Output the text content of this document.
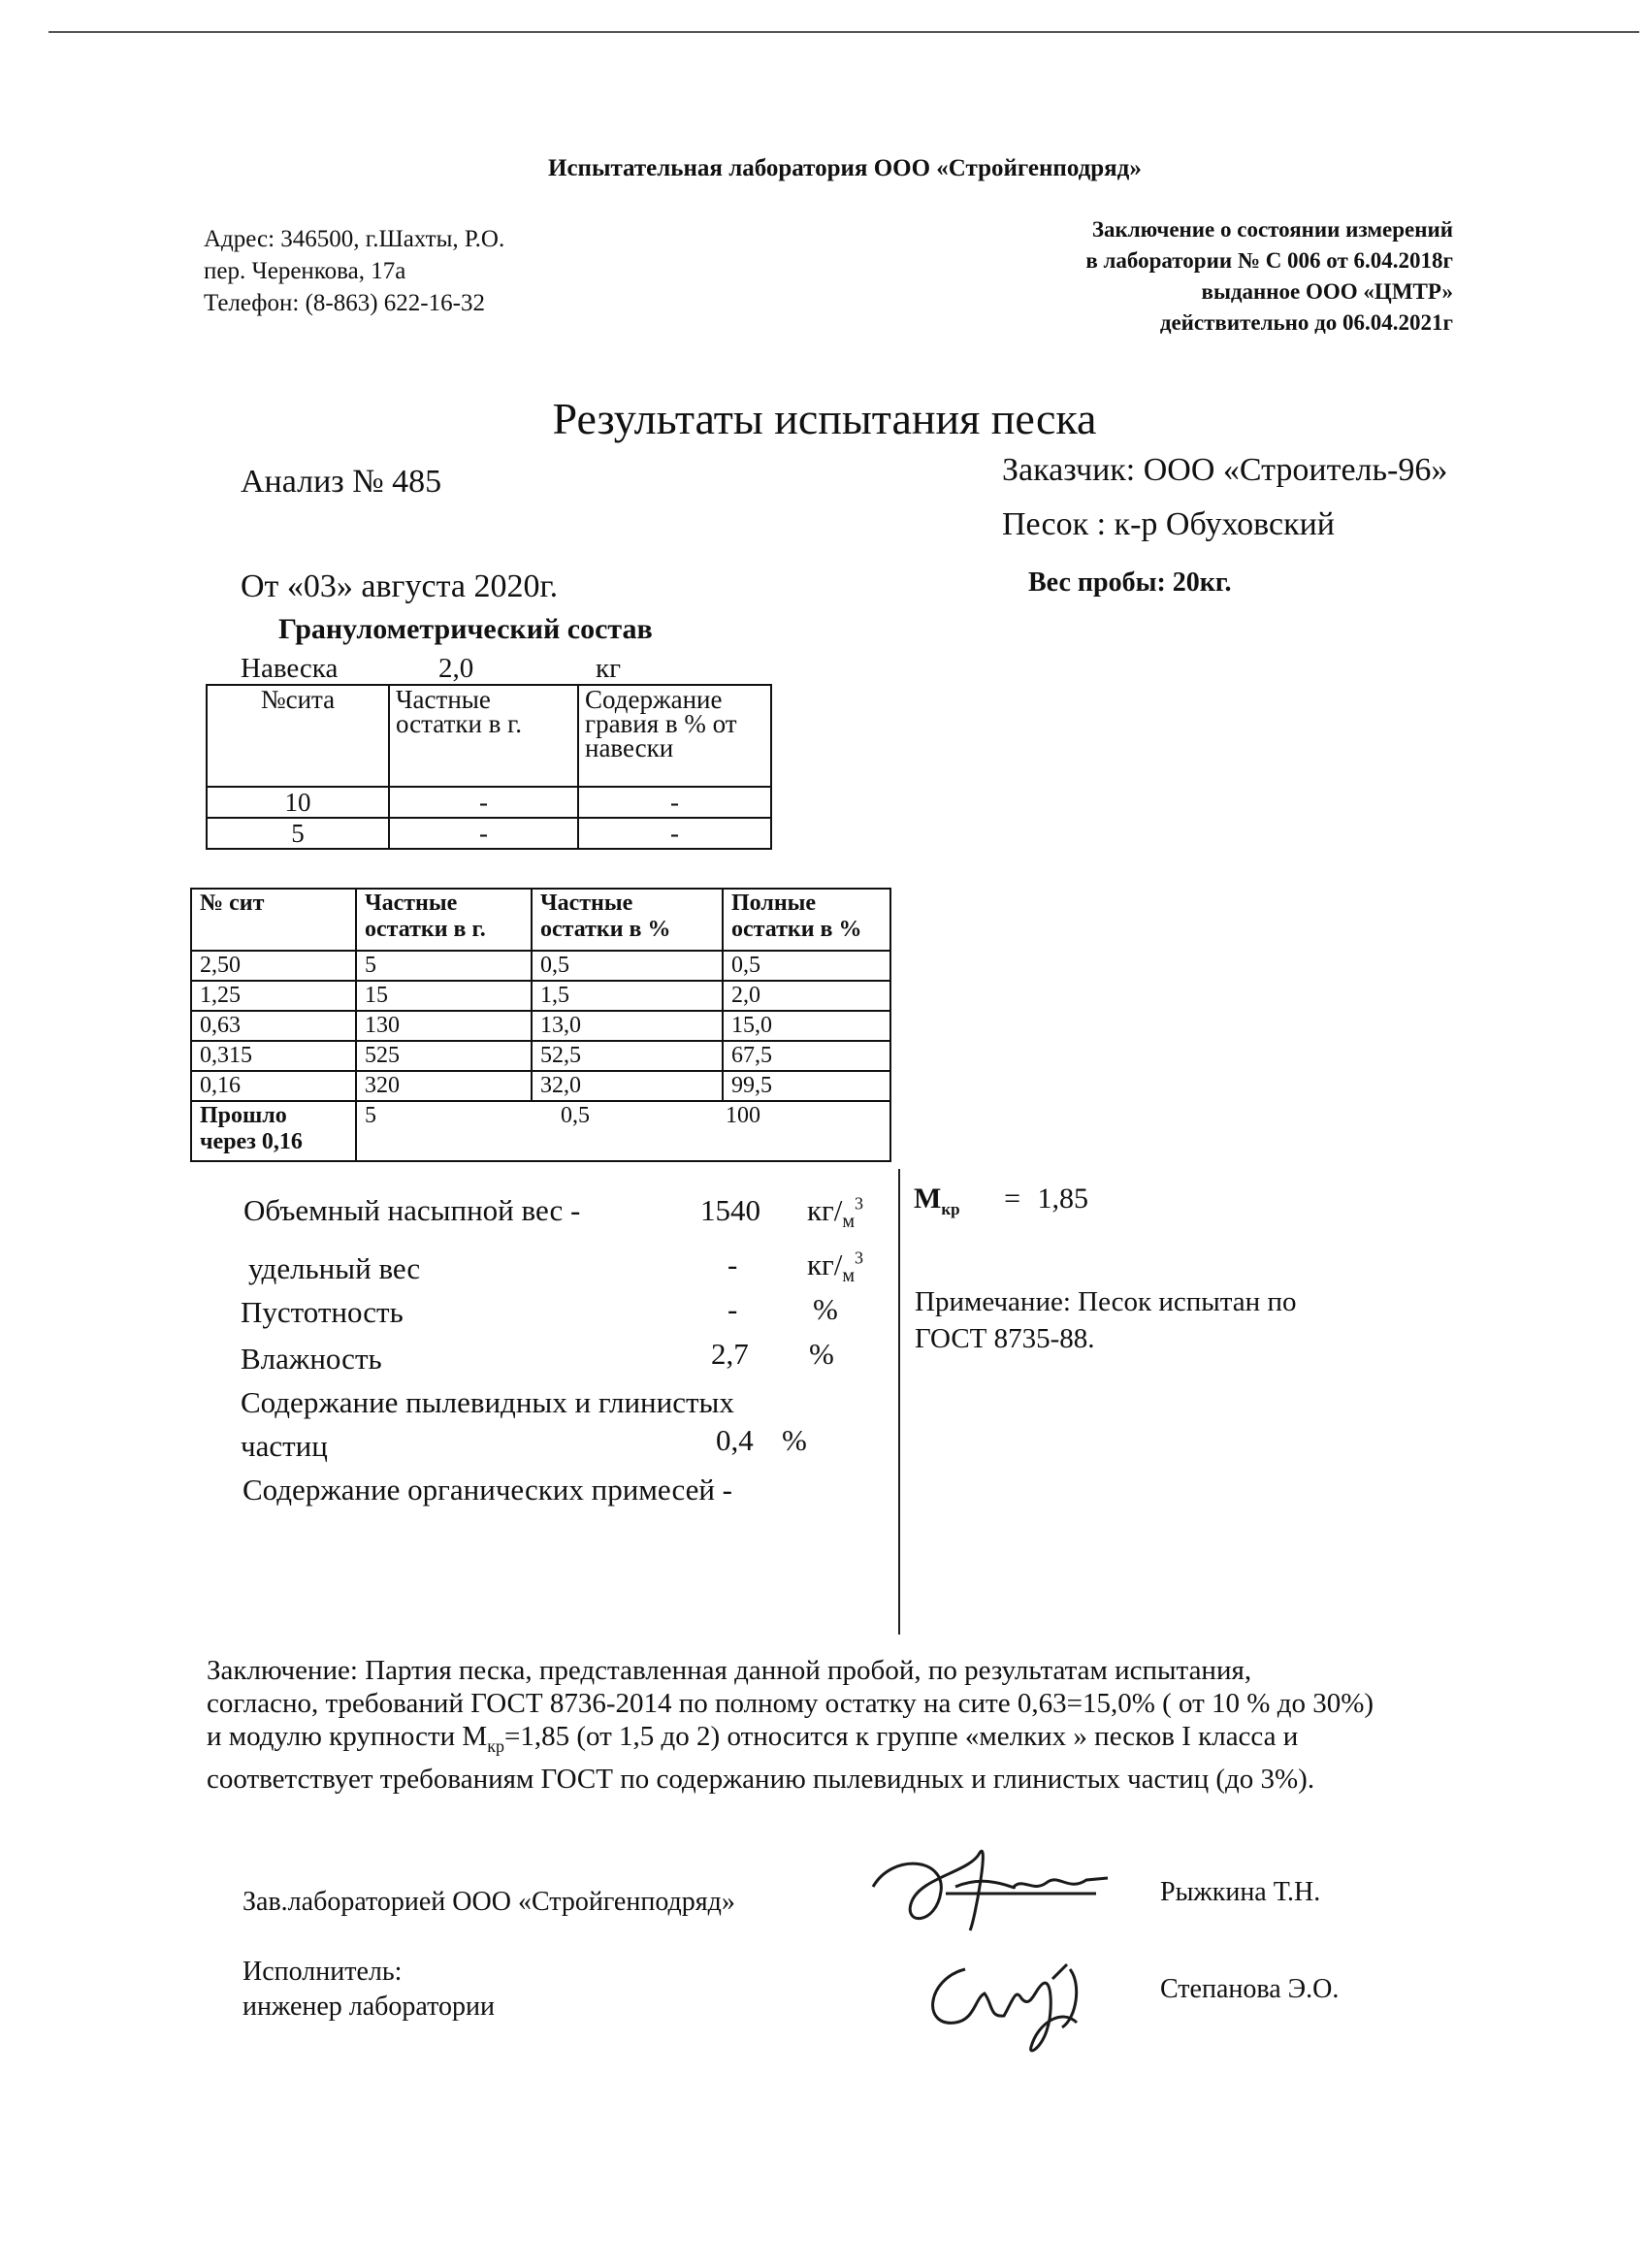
Испытательная лаборатория ООО «Стройгенподряд»
Адрес: 346500, г.Шахты, Р.О.
пер. Черенкова, 17а
Телефон: (8-863) 622-16-32
Заключение о состоянии измерений
в лаборатории № С 006 от 6.04.2018г
выданное ООО «ЦМТР»
действительно до 06.04.2021г
Результаты испытания песка
Анализ № 485	Заказчик: ООО «Строитель-96»
Песок : к-р Обуховский
От «03» августа 2020г.	Вес пробы: 20кг.
Гранулометрический состав
Навеска	2,0	кг
№сита	Частные остатки в г.	Содержание гравия в % от навески
10	-	-
5	-	-
№ сит	Частные остатки в г.	Частные остатки в %	Полные остатки в %
2,50	5	0,5	0,5
1,25	15	1,5	2,0
0,63	130	13,0	15,0
0,315	525	52,5	67,5
0,16	320	32,0	99,5
Прошло через 0,16	5 0,5 100		
Объемный насыпной вес -	1540 $кг/_м^3$
удельный вес	- $кг/_м^3$
Пустотность	-	%
Влажность	2,7 %
Содержание пылевидных и глинистых
частиц	0,4 %
Содержание органических примесей -
$М_{кр} = 1,85$
Примечание: Песок испытан по
ГОСТ 8735-88.
Заключение: Партия песка, представленная данной пробой, по результатам испытания,
согласно, требований ГОСТ 8736-2014 по полному остатку на сите 0,63=15,0% ( от 10 % до 30%)
и модулю крупности $М_{кр}=1,85$ (от 1,5 до 2) относится к группе «мелких » песков I класса и
соответствует требованиям ГОСТ по содержанию пылевидных и глинистых частиц (до 3%).
Зав.лабораторией ООО «Стройгенподряд»	Рыжкина Т.Н.
Исполнитель:
инженер лаборатории
Степанова Э.О.
